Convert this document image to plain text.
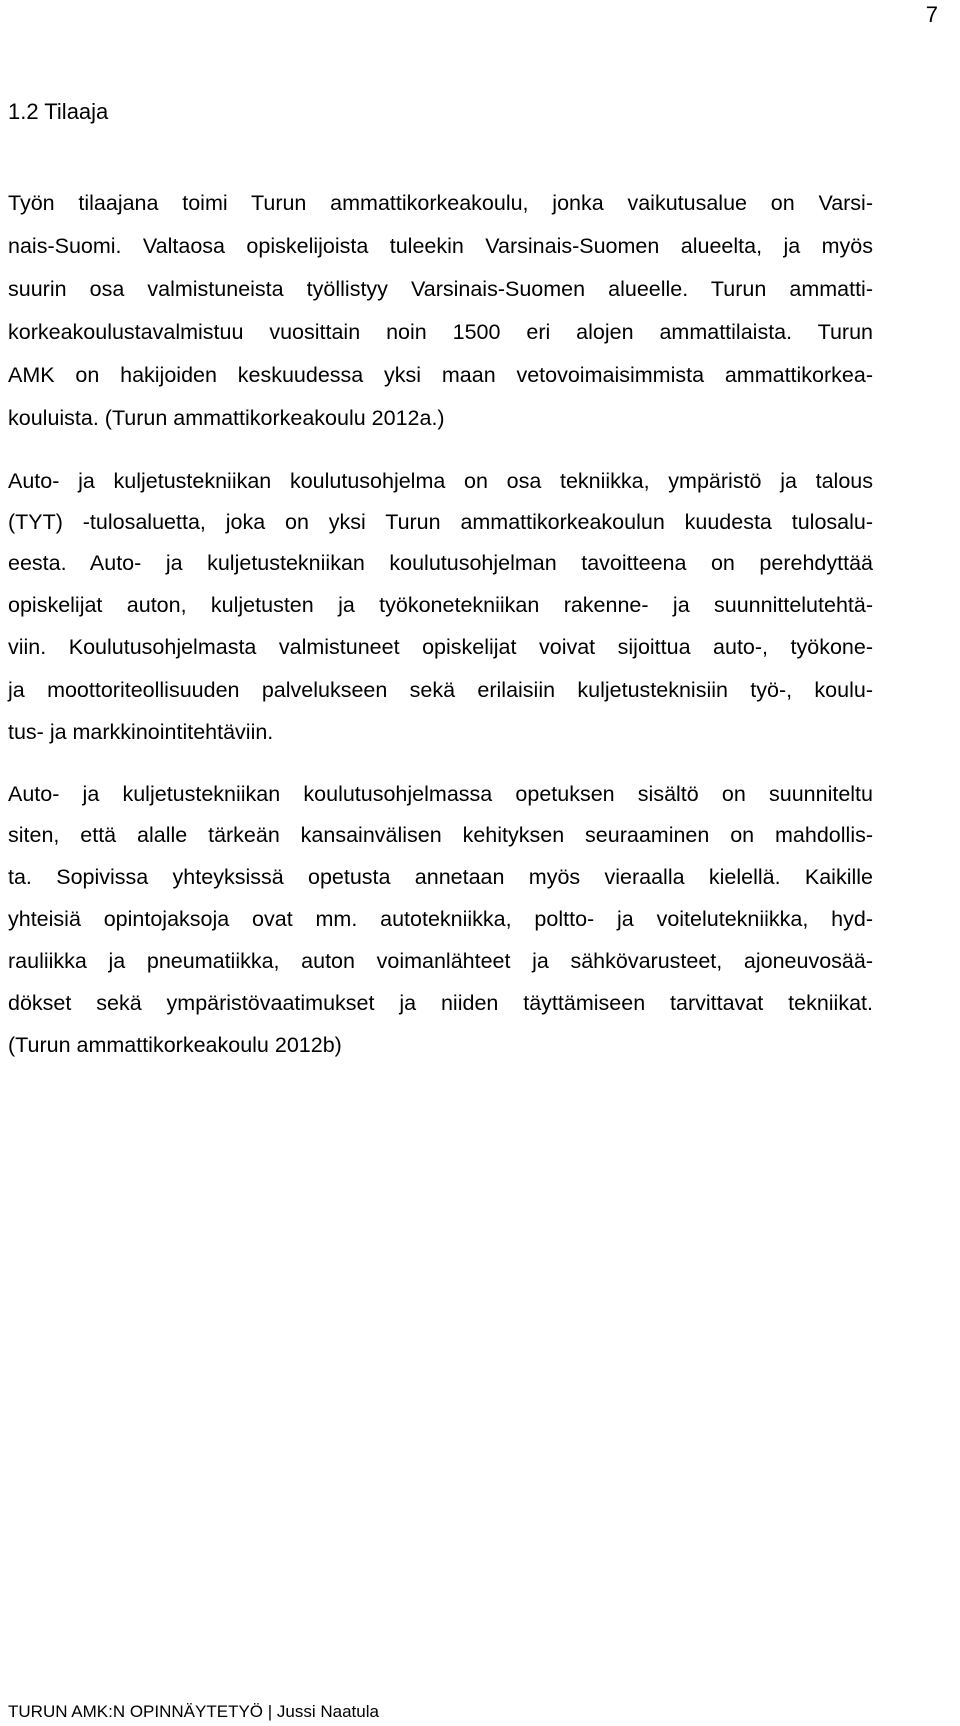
7
1.2 Tilaaja
Työn tilaajana toimi Turun ammattikorkeakoulu, jonka vaikutusalue on Varsi-
nais-Suomi. Valtaosa opiskelijoista tuleekin Varsinais-Suomen alueelta, ja myös
suurin osa valmistuneista työllistyy Varsinais-Suomen alueelle. Turun ammatti-
korkeakoulustavalmistuu vuosittain noin 1500 eri alojen ammattilaista. Turun
AMK on hakijoiden keskuudessa yksi maan vetovoimaisimmista ammattikorkea-
kouluista. (Turun ammattikorkeakoulu 2012a.)
Auto- ja kuljetustekniikan koulutusohjelma on osa tekniikka, ympäristö ja talous
(TYT) -tulosaluetta, joka on yksi Turun ammattikorkeakoulun kuudesta tulosalu-
eesta. Auto- ja kuljetustekniikan koulutusohjelman tavoitteena on perehdyttää
opiskelijat auton, kuljetusten ja työkonetekniikan rakenne- ja suunnittelutehtä-
viin. Koulutusohjelmasta valmistuneet opiskelijat voivat sijoittua auto-, työkone-
ja moottoriteollisuuden palvelukseen sekä erilaisiin kuljetusteknisiin työ-, koulu-
tus- ja markkinointitehtäviin.
Auto- ja kuljetustekniikan koulutusohjelmassa opetuksen sisältö on suunniteltu
siten, että alalle tärkeän kansainvälisen kehityksen seuraaminen on mahdollis-
ta. Sopivissa yhteyksissä opetusta annetaan myös vieraalla kielellä. Kaikille
yhteisiä opintojaksoja ovat mm. autotekniikka, poltto- ja voitelutekniikka, hyd-
rauliikka ja pneumatiikka, auton voimanlähteet ja sähkövarusteet, ajoneuvosää-
dökset sekä ympäristövaatimukset ja niiden täyttämiseen tarvittavat tekniikat.
(Turun ammattikorkeakoulu 2012b)
TURUN AMK:N OPINNÄYTETYÖ | Jussi Naatula
